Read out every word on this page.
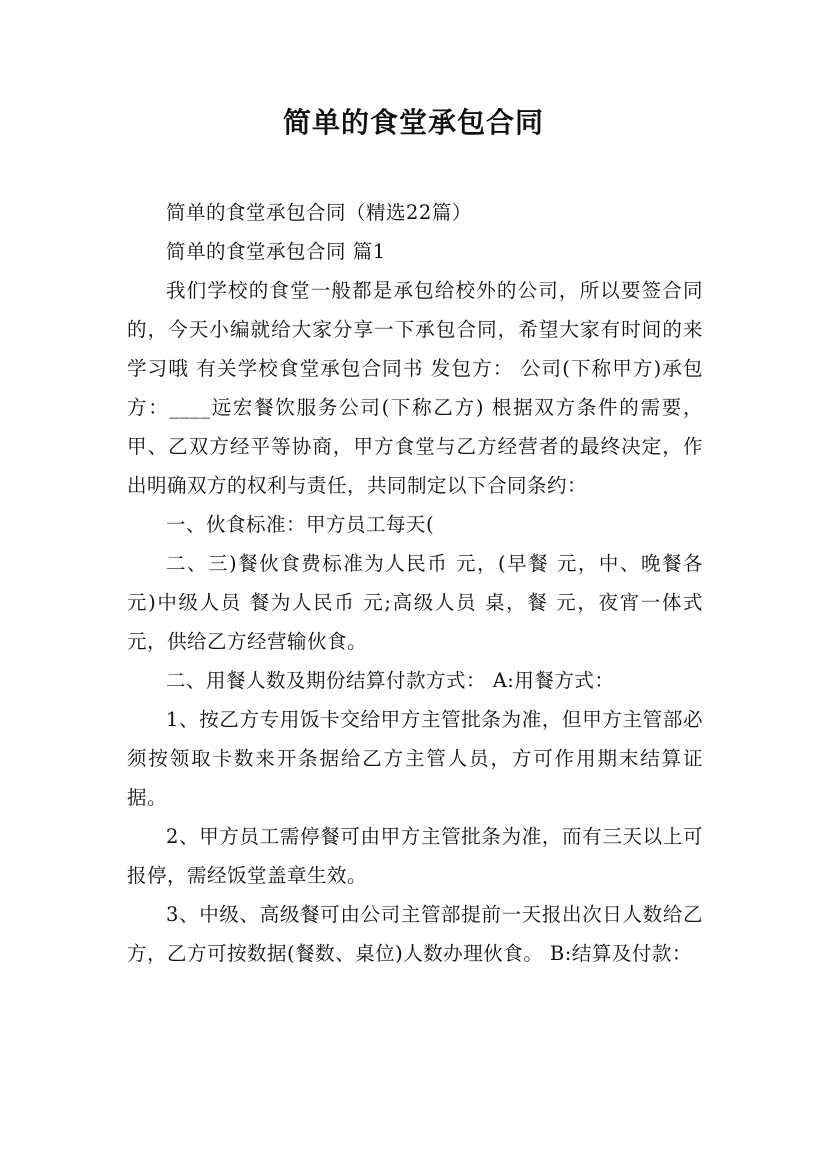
简单的食堂承包合同

简单的食堂承包合同（精选22篇）

简单的食堂承包合同 篇1

我们学校的食堂一般都是承包给校外的公司，所以要签合同的，今天小编就给大家分享一下承包合同，希望大家有时间的来学习哦 有关学校食堂承包合同书 发包方： 公司(下称甲方)承包方：____远宏餐饮服务公司(下称乙方) 根据双方条件的需要，甲、乙双方经平等协商，甲方食堂与乙方经营者的最终决定，作出明确双方的权利与责任，共同制定以下合同条约：

一、伙食标准：甲方员工每天(

二、三)餐伙食费标准为人民币 元，(早餐 元，中、晚餐各 元)中级人员 餐为人民币 元;高级人员 桌，餐 元，夜宵一体式 元，供给乙方经营输伙食。

二、用餐人数及期份结算付款方式： A:用餐方式：

1、按乙方专用饭卡交给甲方主管批条为准，但甲方主管部必须按领取卡数来开条据给乙方主管人员，方可作用期末结算证据。

2、甲方员工需停餐可由甲方主管批条为准，而有三天以上可报停，需经饭堂盖章生效。

3、中级、高级餐可由公司主管部提前一天报出次日人数给乙方，乙方可按数据(餐数、桌位)人数办理伙食。 B:结算及付款：
